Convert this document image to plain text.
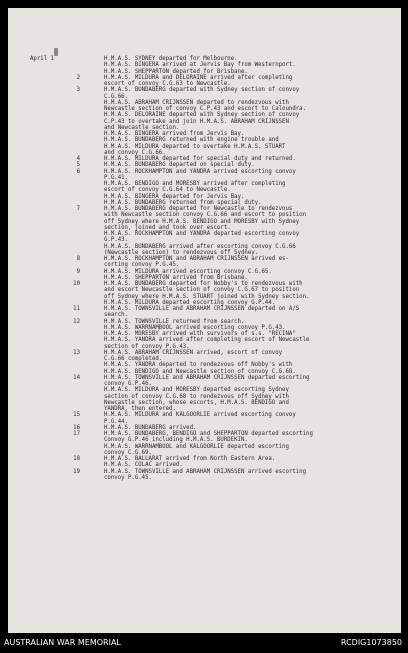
April 1	H.M.A.S. SYDNEY departed for Melbourne.
H.M.A.S. BINGERA arrived at Jervis Bay from Westernport.
H.M.A.S. SHEPPARTON departed for Brisbane.
2	H.M.A.S. MILDURA and DELORAINE arrived after completing
escort of convoy C.G.63 to Newcastle.
3	H.M.A.S. BUNDABERG departed with Sydney section of convoy
C.G.66.
H.M.A.S. ABRAHAM CRIJNSSEN departed to rendezvous with
Newcastle section of convoy C.P.43 and escort to Caloundra.
H.M.A.S. DELORAINE departed with Sydney section of convoy
C.P.43 to overtake and join H.M.A.S. ABRAHAM CRIJNSSEN
and Newcastle section.
H.M.A.S. BINGERA arrived from Jervis Bay.
H.M.A.S. BUNDABERG returned with engine trouble and
H.M.A.S. MILDURA departed to overtake H.M.A.S. STUART
and convoy C.G.66.
4	H.M.A.S. MILDURA departed for special duty and returned.
5	H.M.A.S. BUNDABERG departed on special duty.
6	H.M.A.S. ROCKHAMPTON and YANDRA arrived escorting convoy
P.G.41.
H.M.A.S. BENDIGO and MORESBY arrived after completing
escort of convoy C.G.64 to Newcastle.
H.M.A.S. BINGERA departed for Jervis Bay.
H.M.A.S. BUNDABERG returned from special duty.
7	H.M.A.S. BUNDABERG departed for Newcastle to rendezvous
with Newcastle section convoy C.G.66 and escort to position
off Sydney where H.M.A.S. BENDIGO and MORESBY with Sydney
section, joined and took over escort.
H.M.A.S. ROCKHAMPTON and YANDRA departed escorting convoy
G.P.43.
H.M.A.S. BUNDABERG arrived after escorting convoy C.G.66
(Newcastle section) to rendezvous off Sydney.
8	H.M.A.S. ROCKHAMPTON and ABRAHAM CRIJNSSEN arrived es-
corting convoy P.G.45.
9	H.M.A.S. MILDURA arrived escorting convoy C.G.65.
H.M.A.S. SHEPPARTON arrived from Brisbane.
10	H.M.A.S. BUNDABERG departed for Nobby's to rendezvous with
and escort Newcastle section of convoy C.G.67 to position
off Sydney where H.M.A.S. STUART joined with Sydney section.
H.M.A.S. MILDURA departed escorting convoy G.P.44.
11	H.M.A.S. TOWNSVILLE and ABRAHAM CRIJNSSEN departed on A/S
search.
12	H.M.A.S. TOWNSVILLE returned from search.
H.M.A.S. WARRNAMBOOL arrived escorting convoy P.G.43.
H.M.A.S. MORESBY arrived with survivors of s.s. "RECINA"
H.M.A.S. YANDRA arrived after completing escort of Newcastle
section of convoy P.G.43.
13	H.M.A.S. ABRAHAM CRIJNSSEN arrived, escort of convoy
C.G.66 completed.
H.M.A.S. YANDRA departed to rendezvous off Nobby's with
H.M.A.S. BENDIGO and Newcastle section of convoy C.G.68.
14	H.M.A.S. TOWNSVILLE and ABRAHAM CRIJNSSEN departed escorting
convoy G.P.46.
H.M.A.S. MILDURA and MORESBY departed escorting Sydney
section of convoy C.G.68 to rendezvous off Sydney with
Newcastle section, whose escorts, H.M.A.S. BENDIGO and
YANDRA, then entered.
15	H.M.A.S. MILDURA and KALGOORLIE arrived escorting convoy
P.G.44.
16	H.M.A.S. BUNDABERG arrived.
17	H.M.A.S. BUNDABERG, BENDIGO and SHEPPARTON departed escorting
Convoy G.P.46 including H.M.A.S. BURDEKIN.
H.M.A.S. WARRNAMBOOL and KALGOORLIE departed escorting
convoy C.G.69.
18	H.M.A.S. BALLARAT arrived from North Eastern Area.
H.M.A.S. COLAC arrived.
19	H.M.A.S. TOWNSVILLE and ABRAHAM CRIJNSSEN arrived escorting
convoy P.G.45.
AUSTRALIAN WAR MEMORIAL	RCDIG1073850
